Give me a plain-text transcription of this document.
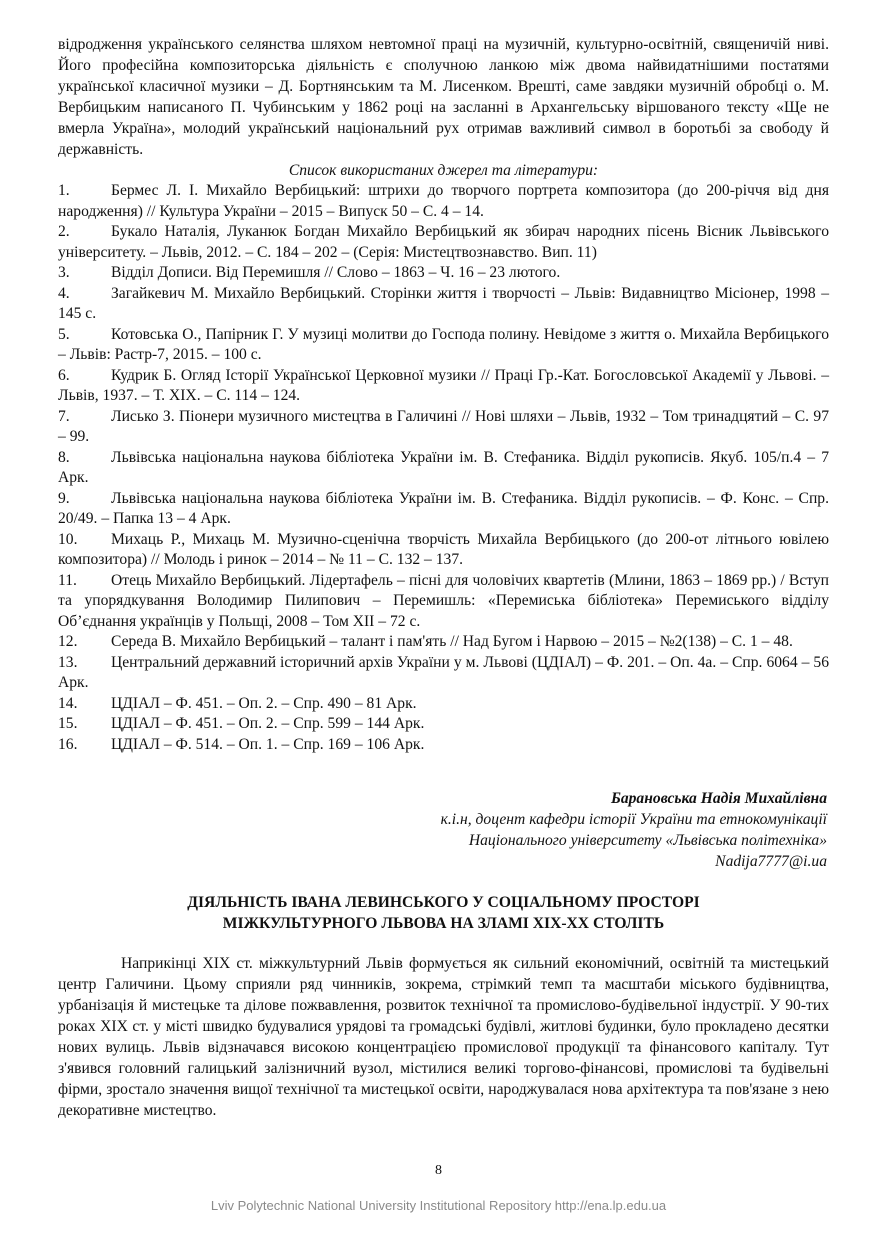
відродження українського селянства шляхом невтомної праці на музичній, культурно-освітній, священичій ниві. Його професійна композиторська діяльність є сполучною ланкою між двома найвидатнішими постатями української класичної музики – Д. Бортнянським та М. Лисенком. Врешті, саме завдяки музичній обробці о. М. Вербицьким написаного П. Чубинським у 1862 році на засланні в Архангельську віршованого тексту «Ще не вмерла Україна», молодий український національний рух отримав важливий символ в боротьбі за свободу й державність.

Список використаних джерел та літератури:

1.	Бермес Л. І. Михайло Вербицький: штрихи до творчого портрета композитора (до 200-річчя від дня народження) // Культура України – 2015 – Випуск 50 – С. 4 – 14.

2.	Букало Наталія, Луканюк Богдан Михайло Вербицький як збирач народних пісень Вісник Львівського університету. – Львів, 2012. – С. 184 – 202 – (Серія: Мистецтвознавство. Вип. 11)

3.	Відділ Дописи. Від Перемишля // Слово – 1863 – Ч. 16 – 23 лютого.

4.	Загайкевич М. Михайло Вербицький. Сторінки життя і творчості – Львів: Видавництво Місіонер, 1998 – 145 с.

5.	Котовська О., Папірник Г. У музиці молитви до Господа полину. Невідоме з життя о. Михайла Вербицького – Львів: Растр-7, 2015. – 100 с.

6.	Кудрик Б. Огляд Історії Української Церковної музики // Праці Гр.-Кат. Богословської Академії у Львові. – Львів, 1937. – Т. ХІХ. – С. 114 – 124.

7.	Лисько З. Піонери музичного мистецтва в Галичині // Нові шляхи – Львів, 1932 – Том тринадцятий – С. 97 – 99.

8.	Львівська національна наукова бібліотека України ім. В. Стефаника. Відділ рукописів. Якуб. 105/п.4 – 7 Арк.

9.	Львівська національна наукова бібліотека України ім. В. Стефаника. Відділ рукописів. – Ф. Конс. – Спр. 20/49. – Папка 13 – 4 Арк.

10. Михаць Р., Михаць М. Музично-сценічна творчість Михайла Вербицького (до 200-от літнього ювілею композитора) // Молодь і ринок – 2014 – № 11 – С. 132 – 137.

11. Отець Михайло Вербицький. Лідертафель – пісні для чоловічих квартетів (Млини, 1863 – 1869 рр.) / Вступ та упорядкування Володимир Пилипович – Перемишль: «Перемиська бібліотека» Перемиського відділу Об’єднання українців у Польщі, 2008 – Том XII – 72 с.

12. Середа В. Михайло Вербицький – талант і пам'ять // Над Бугом і Нарвою – 2015 – №2(138) – С. 1 – 48.

13. Центральний державний історичний архів України у м. Львові (ЦДІАЛ) – Ф. 201. – Оп. 4а. – Спр. 6064 – 56 Арк.

14. ЦДІАЛ – Ф. 451. – Оп. 2. – Спр. 490 – 81 Арк.

15. ЦДІАЛ – Ф. 451. – Оп. 2. – Спр. 599 – 144 Арк.

16. ЦДІАЛ – Ф. 514. – Оп. 1. – Спр. 169 – 106 Арк.

Барановська Надія Михайлівна
к.і.н, доцент кафедри історії України та етнокомунікації
Національного університету «Львівська політехніка»
Nadija7777@i.ua
ДІЯЛЬНІСТЬ ІВАНА ЛЕВИНСЬКОГО У СОЦІАЛЬНОМУ ПРОСТОРІ
МІЖКУЛЬТУРНОГО ЛЬВОВА НА ЗЛАМІ ХІХ-ХХ СТОЛІТЬ

Наприкінці ХІХ ст. міжкультурний Львів формується як сильний економічний, освітній та мистецький центр Галичини. Цьому сприяли ряд чинників, зокрема, стрімкий темп та масштаби міського будівництва, урбанізація й мистецьке та ділове пожвавлення, розвиток технічної та промислово-будівельної індустрії. У 90-тих роках ХІХ ст. у місті швидко будувалися урядові та громадські будівлі, житлові будинки, було прокладено десятки нових вулиць. Львів відзначався високою концентрацією промислової продукції та фінансового капіталу. Тут з'явився головний галицький залізничний вузол, містилися великі торгово-фінансові, промислові та будівельні фірми, зростало значення вищої технічної та мистецької освіти, народжувалася нова архітектура та пов'язане з нею декоративне мистецтво.

8
Lviv Polytechnic National University Institutional Repository http://ena.lp.edu.ua
